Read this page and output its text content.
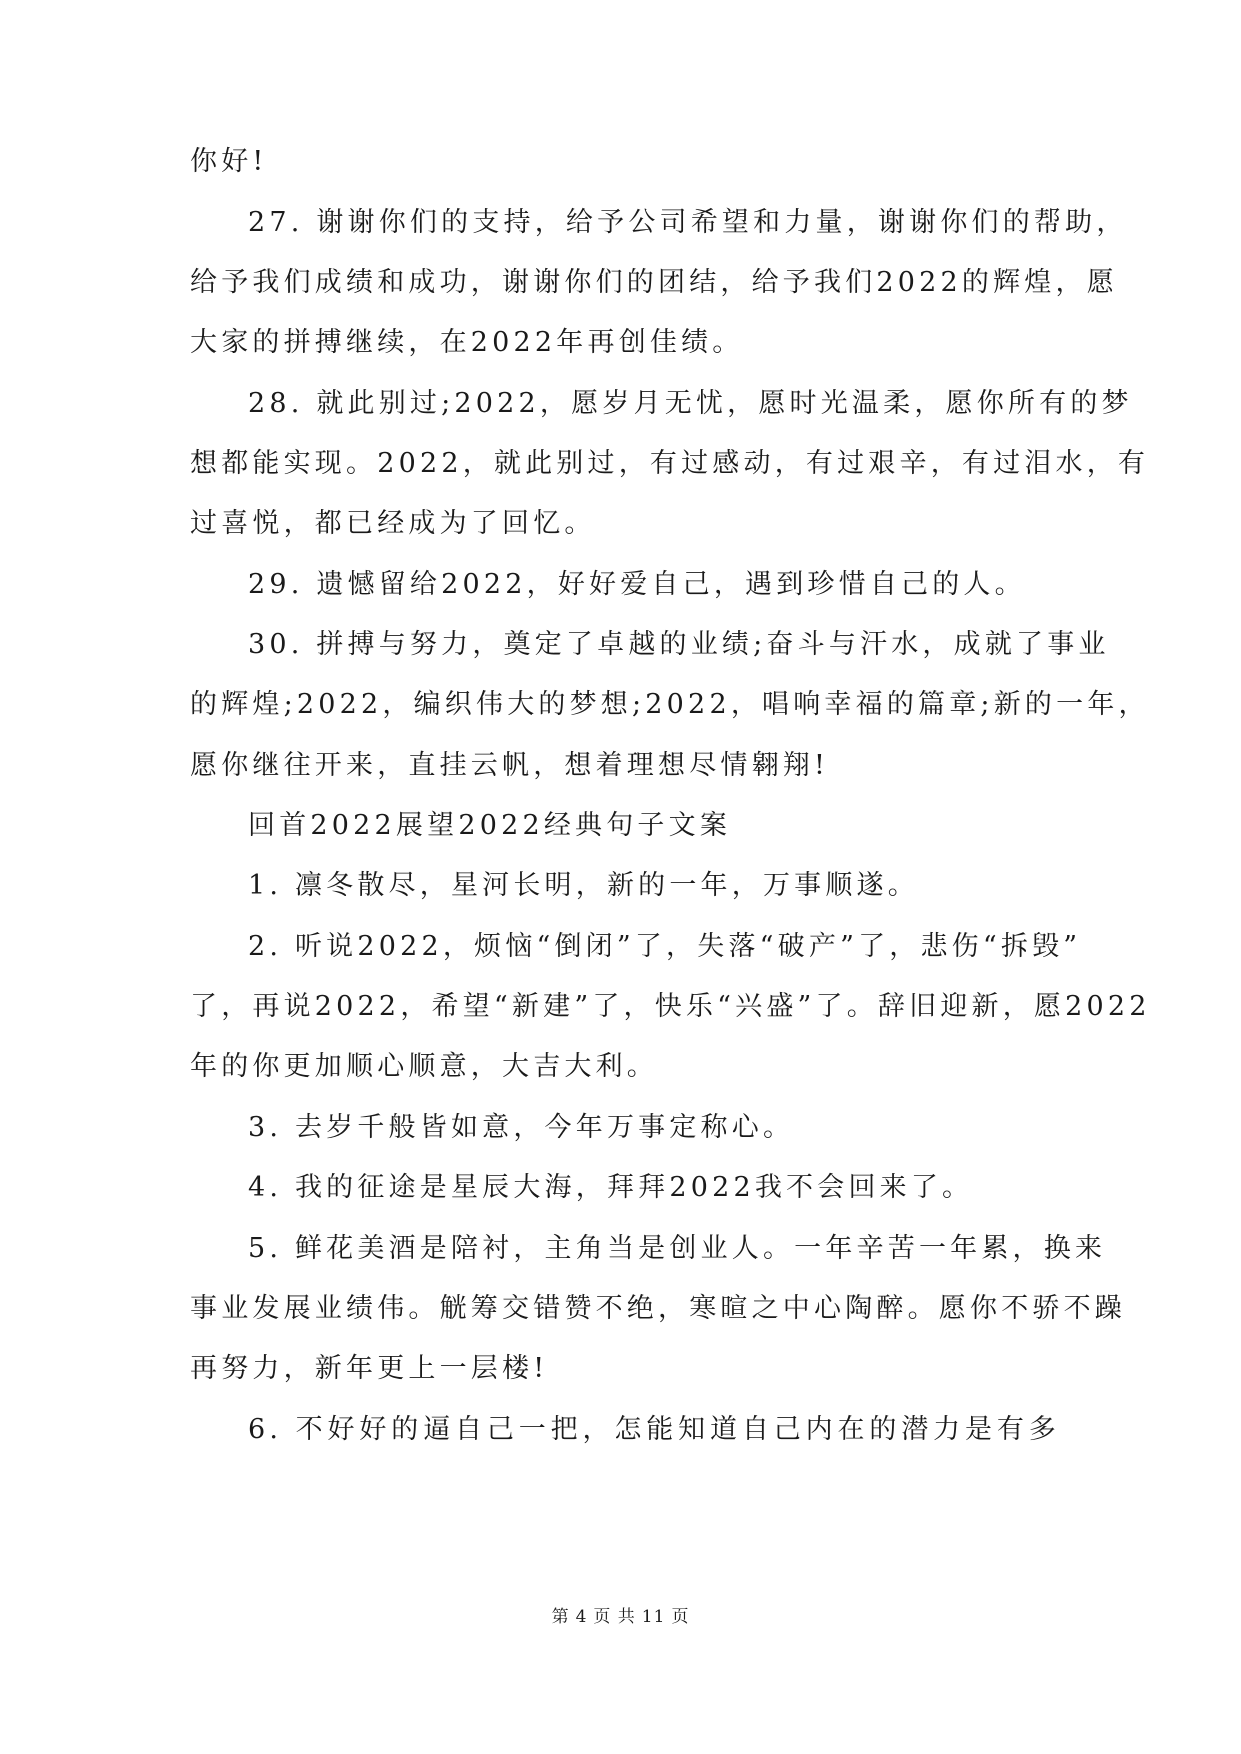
你好!
27. 谢谢你们的支持，给予公司希望和力量，谢谢你们的帮助，
给予我们成绩和成功，谢谢你们的团结，给予我们2022的辉煌，愿
大家的拼搏继续，在2022年再创佳绩。
28. 就此别过;2022，愿岁月无忧，愿时光温柔，愿你所有的梦
想都能实现。2022，就此别过，有过感动，有过艰辛，有过泪水，有
过喜悦，都已经成为了回忆。
29. 遗憾留给2022，好好爱自己，遇到珍惜自己的人。
30. 拼搏与努力，奠定了卓越的业绩;奋斗与汗水，成就了事业
的辉煌;2022，编织伟大的梦想;2022，唱响幸福的篇章;新的一年，
愿你继往开来，直挂云帆，想着理想尽情翱翔!
回首2022展望2022经典句子文案
1. 凛冬散尽，星河长明，新的一年，万事顺遂。
2. 听说2022，烦恼“倒闭”了，失落“破产”了，悲伤“拆毁”
了，再说2022，希望“新建”了，快乐“兴盛”了。辞旧迎新，愿2022
年的你更加顺心顺意，大吉大利。
3. 去岁千般皆如意，今年万事定称心。
4. 我的征途是星辰大海，拜拜2022我不会回来了。
5. 鲜花美酒是陪衬，主角当是创业人。一年辛苦一年累，换来
事业发展业绩伟。觥筹交错赞不绝，寒暄之中心陶醉。愿你不骄不躁
再努力，新年更上一层楼!
6. 不好好的逼自己一把，怎能知道自己内在的潜力是有多
第 4 页 共 11 页
